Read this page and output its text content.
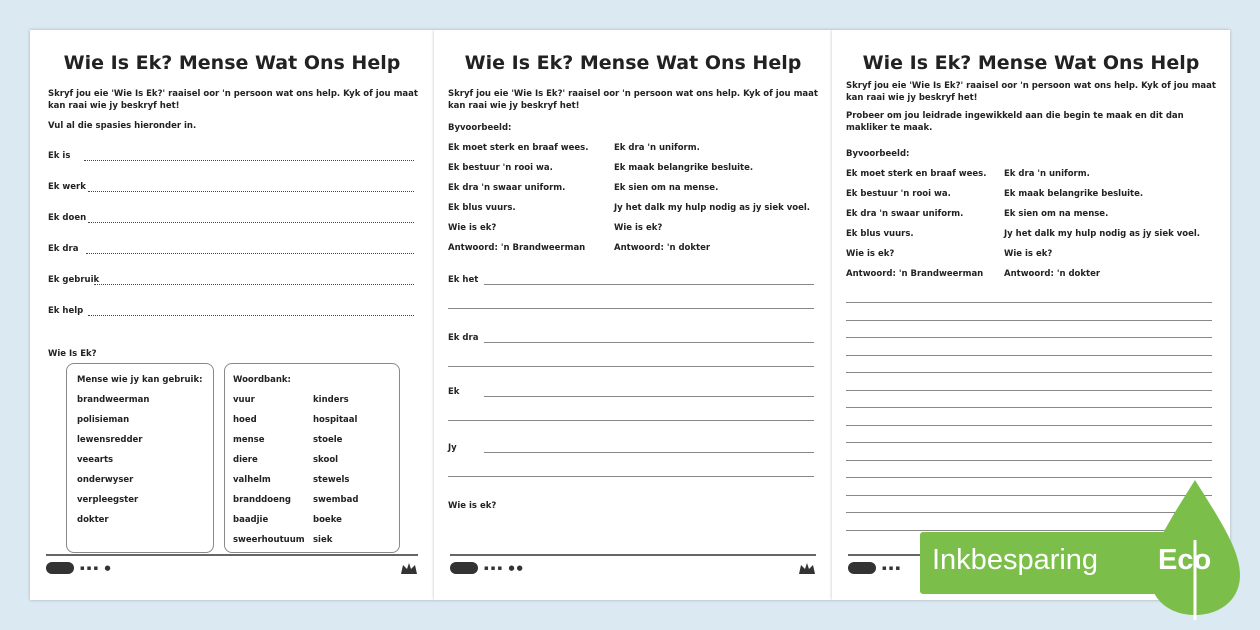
Wie Is Ek? Mense Wat Ons Help
Skryf jou eie 'Wie Is Ek?' raaisel oor 'n persoon wat ons help. Kyk of jou maat kan raai wie jy beskryf het!
Vul al die spasies hieronder in.
Ek is
Ek werk
Ek doen
Ek dra
Ek gebruik
Ek help
Wie Is Ek?
Mense wie jy kan gebruik:
brandweerman
polisieman
lewensredder
veearts
onderwyser
verpleegster
dokter
Woordbank:
vuur
hoed
mense
diere
valhelm
branddoeng
baadjie
sweerhoutuum
kinders
hospitaal
stoele
skool
stewels
swembad
boeke
siek
▪▪▪ ●
Wie Is Ek? Mense Wat Ons Help
Skryf jou eie 'Wie Is Ek?' raaisel oor 'n persoon wat ons help. Kyk of jou maat kan raai wie jy beskryf het!
Byvoorbeeld:
Ek moet sterk en braaf wees.
Ek bestuur 'n rooi wa.
Ek dra 'n swaar uniform.
Ek blus vuurs.
Wie is ek?
Antwoord: 'n Brandweerman
Ek dra 'n uniform.
Ek maak belangrike besluite.
Ek sien om na mense.
Jy het dalk my hulp nodig as jy siek voel.
Wie is ek?
Antwoord: 'n dokter
Ek het
Ek dra
Ek
Jy
Wie is ek?
▪▪▪ ●●
Wie Is Ek? Mense Wat Ons Help
Skryf jou eie 'Wie Is Ek?' raaisel oor 'n persoon wat ons help. Kyk of jou maat kan raai wie jy beskryf het!
Probeer om jou leidrade ingewikkeld aan die begin te maak en dit dan makliker te maak.
Byvoorbeeld:
Ek moet sterk en braaf wees.
Ek bestuur 'n rooi wa.
Ek dra 'n swaar uniform.
Ek blus vuurs.
Wie is ek?
Antwoord: 'n Brandweerman
Ek dra 'n uniform.
Ek maak belangrike besluite.
Ek sien om na mense.
Jy het dalk my hulp nodig as jy siek voel.
Wie is ek?
Antwoord: 'n dokter
▪▪▪ Inkbesparing Eco
